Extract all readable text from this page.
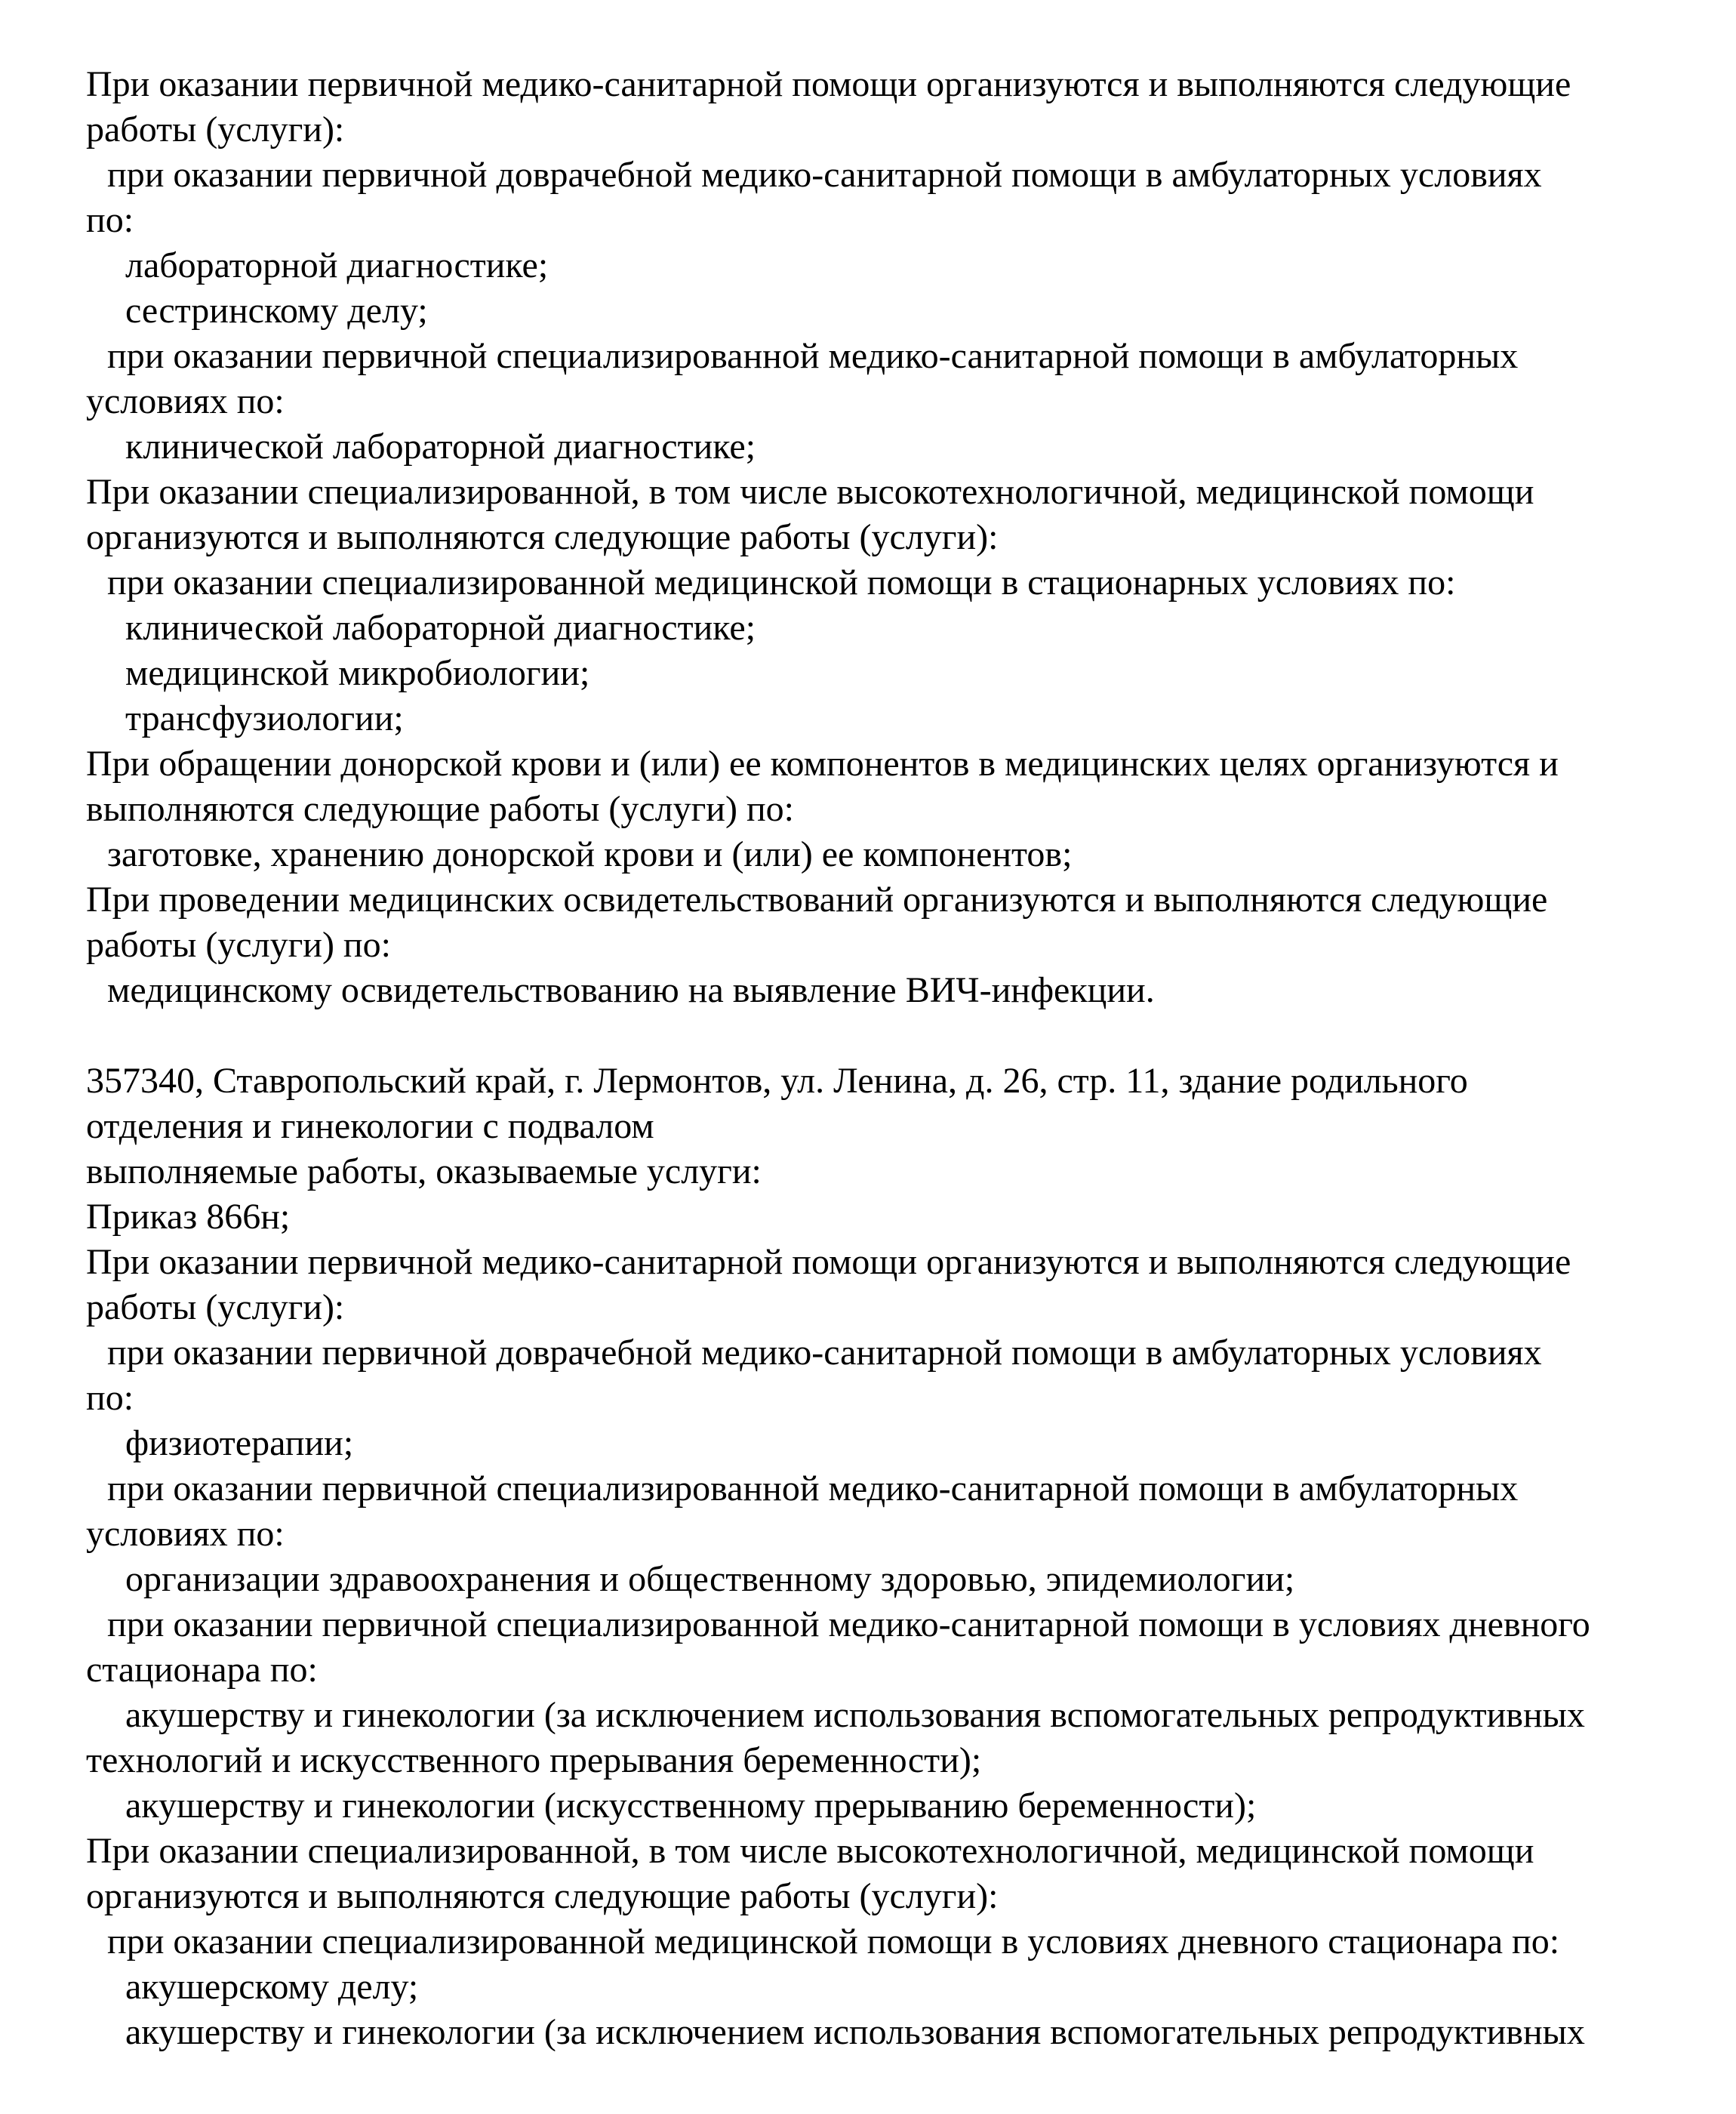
При оказании первичной медико-санитарной помощи организуются и выполняются следующие
работы (услуги):
при оказании первичной доврачебной медико-санитарной помощи в амбулаторных условиях
по:
лабораторной диагностике;
сестринскому делу;
при оказании первичной специализированной медико-санитарной помощи в амбулаторных
условиях по:
клинической лабораторной диагностике;
При оказании специализированной, в том числе высокотехнологичной, медицинской помощи
организуются и выполняются следующие работы (услуги):
при оказании специализированной медицинской помощи в стационарных условиях по:
клинической лабораторной диагностике;
медицинской микробиологии;
трансфузиологии;
При обращении донорской крови и (или) ее компонентов в медицинских целях организуются и
выполняются следующие работы (услуги) по:
заготовке, хранению донорской крови и (или) ее компонентов;
При проведении медицинских освидетельствований организуются и выполняются следующие
работы (услуги) по:
медицинскому освидетельствованию на выявление ВИЧ-инфекции.
357340, Ставропольский край, г. Лермонтов, ул. Ленина, д. 26, стр. 11, здание родильного
отделения и гинекологии с подвалом
выполняемые работы, оказываемые услуги:
Приказ 866н;
При оказании первичной медико-санитарной помощи организуются и выполняются следующие
работы (услуги):
при оказании первичной доврачебной медико-санитарной помощи в амбулаторных условиях
по:
физиотерапии;
при оказании первичной специализированной медико-санитарной помощи в амбулаторных
условиях по:
организации здравоохранения и общественному здоровью, эпидемиологии;
при оказании первичной специализированной медико-санитарной помощи в условиях дневного
стационара по:
акушерству и гинекологии (за исключением использования вспомогательных репродуктивных
технологий и искусственного прерывания беременности);
акушерству и гинекологии (искусственному прерыванию беременности);
При оказании специализированной, в том числе высокотехнологичной, медицинской помощи
организуются и выполняются следующие работы (услуги):
при оказании специализированной медицинской помощи в условиях дневного стационара по:
акушерскому делу;
акушерству и гинекологии (за исключением использования вспомогательных репродуктивных
